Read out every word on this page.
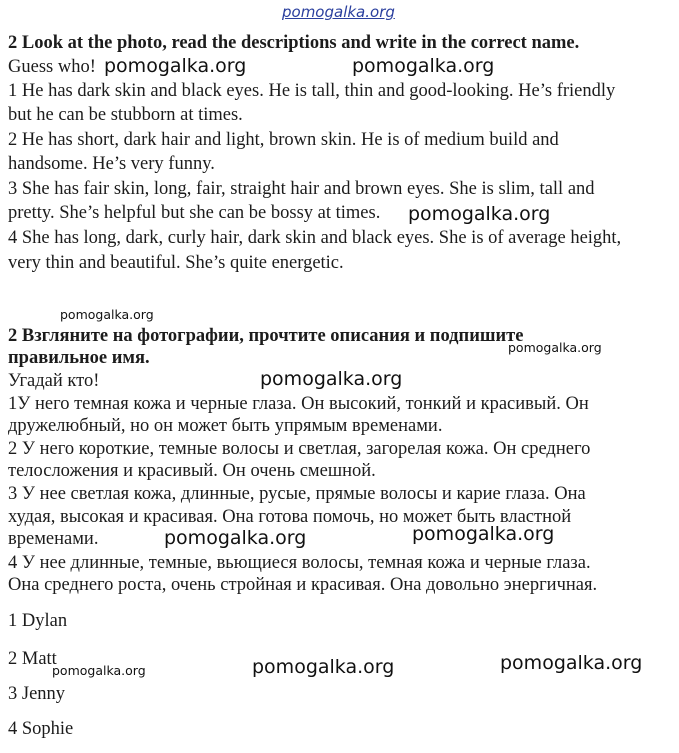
pomogalka.org
2 Look at the photo, read the descriptions and write in the correct name.
Guess who!
1 He has dark skin and black eyes. He is tall, thin and good-looking. He’s friendly
but he can be stubborn at times.
2 He has short, dark hair and light, brown skin. He is of medium build and
handsome. He’s very funny.
3 She has fair skin, long, fair, straight hair and brown eyes. She is slim, tall and
pretty. She’s helpful but she can be bossy at times.
4 She has long, dark, curly hair, dark skin and black eyes. She is of average height,
very thin and beautiful. She’s quite energetic.
2 Взгляните на фотографии, прочтите описания и подпишите
правильное имя.
Угадай кто!
1У него темная кожа и черные глаза. Он высокий, тонкий и красивый. Он
дружелюбный, но он может быть упрямым временами.
2 У него короткие, темные волосы и светлая, загорелая кожа. Он среднего
телосложения и красивый. Он очень смешной.
3 У нее светлая кожа, длинные, русые, прямые волосы и карие глаза. Она
худая, высокая и красивая. Она готова помочь, но может быть властной
временами.
4 У нее длинные, темные, вьющиеся волосы, темная кожа и черные глаза.
Она среднего роста, очень стройная и красивая. Она довольно энергичная.
1 Dylan
2 Matt
3 Jenny
4 Sophie
pomogalka.org	pomogalka.org
pomogalka.org
pomogalka.org
pomogalka.org
pomogalka.org
pomogalka.org
pomogalka.org
pomogalka.org	pomogalka.org	pomogalka.org
